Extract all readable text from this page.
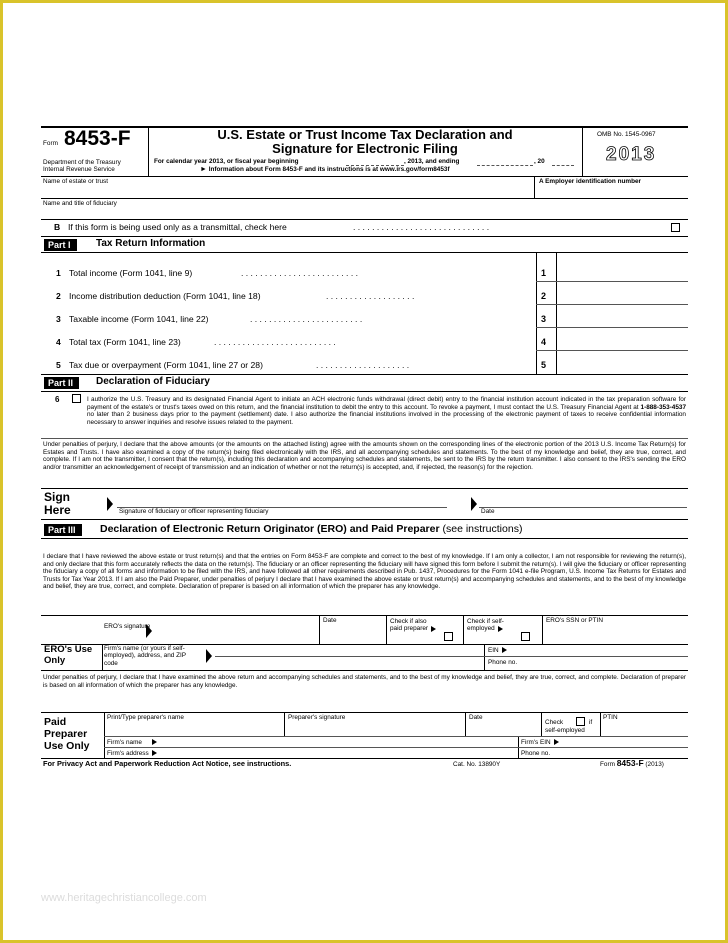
Form 8453-F
Department of the Treasury
Internal Revenue Service
U.S. Estate or Trust Income Tax Declaration and
Signature for Electronic Filing
For calendar year 2013, or fiscal year beginning	, 2013, and ending	, 20
► Information about Form 8453-F and its instructions is at www.irs.gov/form8453f
OMB No. 1545-0967
2013
Name of estate or trust	A Employer identification number
Name and title of fiduciary
B If this form is being used only as a transmittal, check here	. . . . . . . . . . . . . . . . . . . . . . . . . . . . .
Part I	Tax Return Information
1 Total income (Form 1041, line 9)	. . . . . . . . . . . . . . . . . . . . . . . . .	1
2 Income distribution deduction (Form 1041, line 18)	. . . . . . . . . . . . . . . . . . .	2
3 Taxable income (Form 1041, line 22)	. . . . . . . . . . . . . . . . . . . . . . . .	3
4 Total tax (Form 1041, line 23)	. . . . . . . . . . . . . . . . . . . . . . . . . .	4
5 Tax due or overpayment (Form 1041, line 27 or 28)	. . . . . . . . . . . . . . . . . . . .	5
Part II	Declaration of Fiduciary
6	I authorize the U.S. Treasury and its designated Financial Agent to initiate an ACH electronic funds withdrawal (direct debit) entry to the financial institution account indicated in the tax preparation software for payment of the estate's or trust's taxes owed on this return, and the financial institution to debit the entry to this account. To revoke a payment, I must contact the U.S. Treasury Financial Agent at 1-888-353-4537 no later than 2 business days prior to the payment (settlement) date. I also authorize the financial institutions involved in the processing of the electronic payment of taxes to receive confidential information necessary to answer inquiries and resolve issues related to the payment.
Under penalties of perjury, I declare that the above amounts (or the amounts on the attached listing) agree with the amounts shown on the corresponding lines of the electronic portion of the 2013 U.S. Income Tax Return(s) for Estates and Trusts. I have also examined a copy of the return(s) being filed electronically with the IRS, and all accompanying schedules and statements. To the best of my knowledge and belief, they are true, correct, and complete. If I am not the transmitter, I consent that the return(s), including this declaration and accompanying schedules and statements, be sent to the IRS by the return transmitter. I also consent to the IRS's sending the ERO and/or transmitter an acknowledgement of receipt of transmission and an indication of whether or not the return(s) is accepted, and, if rejected, the reason(s) for the rejection.
Sign
Here	Signature of fiduciary or officer representing fiduciary	Date
Part III	Declaration of Electronic Return Originator (ERO) and Paid Preparer (see instructions)
I declare that I have reviewed the above estate or trust return(s) and that the entries on Form 8453-F are complete and correct to the best of my knowledge. If I am only a collector, I am not responsible for reviewing the return(s), and only declare that this form accurately reflects the data on the return(s). The fiduciary or an officer representing the fiduciary will have signed this form before I submit the return(s). I will give the fiduciary or officer representing the fiduciary a copy of all forms and information to be filed with the IRS, and have followed all other requirements described in Pub. 1437, Procedures for the Form 1041 e-file Program, U.S. Income Tax Returns for Estates and Trusts for Tax Year 2013. If I am also the Paid Preparer, under penalties of perjury I declare that I have examined the above estate or trust return(s) and accompanying schedules and statements, and to the best of my knowledge and belief, they are true, correct, and complete. Declaration of preparer is based on all information of which the preparer has any knowledge.
ERO's signature
Date	Check if also paid preparer
Check if self-employed
ERO's SSN or PTIN
ERO's Use
Only
Firm's name (or yours if self-employed), address, and ZIP code
EIN
Phone no.
Under penalties of perjury, I declare that I have examined the above return and accompanying schedules and statements, and to the best of my knowledge and belief, they are true, correct, and complete. Declaration of preparer is based on all information of which the preparer has any knowledge.
Paid
Preparer
Use Only
Print/Type preparer's name	Preparer's signature	Date
Check	if
self-employed
PTIN
Firm's name	Firm's EIN
Firm's address	Phone no.
For Privacy Act and Paperwork Reduction Act Notice, see instructions.	Cat. No. 13890Y	Form 8453-F (2013)
www.heritagechristiancollege.com
